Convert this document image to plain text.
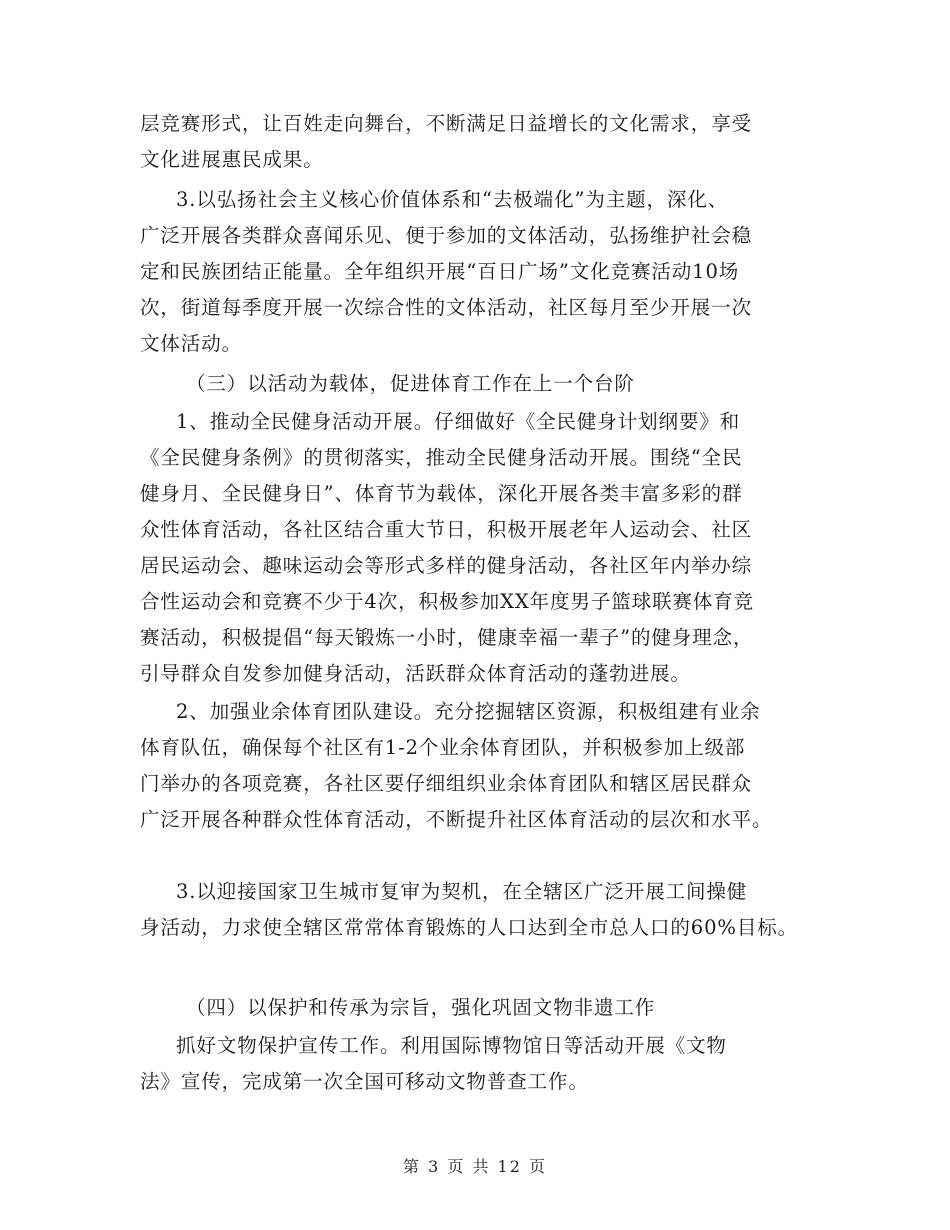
层竞赛形式，让百姓走向舞台，不断满足日益增长的文化需求，享受
文化进展惠民成果。
3.以弘扬社会主义核心价值体系和“去极端化”为主题，深化、
广泛开展各类群众喜闻乐见、便于参加的文体活动，弘扬维护社会稳
定和民族团结正能量。全年组织开展“百日广场”文化竞赛活动10场
次，街道每季度开展一次综合性的文体活动，社区每月至少开展一次
文体活动。
（三）以活动为载体，促进体育工作在上一个台阶
1、推动全民健身活动开展。仔细做好《全民健身计划纲要》和
《全民健身条例》的贯彻落实，推动全民健身活动开展。围绕“全民
健身月、全民健身日”、体育节为载体，深化开展各类丰富多彩的群
众性体育活动，各社区结合重大节日，积极开展老年人运动会、社区
居民运动会、趣味运动会等形式多样的健身活动，各社区年内举办综
合性运动会和竞赛不少于4次，积极参加XX年度男子篮球联赛体育竞
赛活动，积极提倡“每天锻炼一小时，健康幸福一辈子”的健身理念，
引导群众自发参加健身活动，活跃群众体育活动的蓬勃进展。
2、加强业余体育团队建设。充分挖掘辖区资源，积极组建有业余
体育队伍，确保每个社区有1-2个业余体育团队，并积极参加上级部
门举办的各项竞赛，各社区要仔细组织业余体育团队和辖区居民群众
广泛开展各种群众性体育活动，不断提升社区体育活动的层次和水平。
3.以迎接国家卫生城市复审为契机，在全辖区广泛开展工间操健
身活动，力求使全辖区常常体育锻炼的人口达到全市总人口的60%目标。
（四）以保护和传承为宗旨，强化巩固文物非遗工作
抓好文物保护宣传工作。利用国际博物馆日等活动开展《文物
法》宣传，完成第一次全国可移动文物普查工作。
第 3 页 共 12 页
